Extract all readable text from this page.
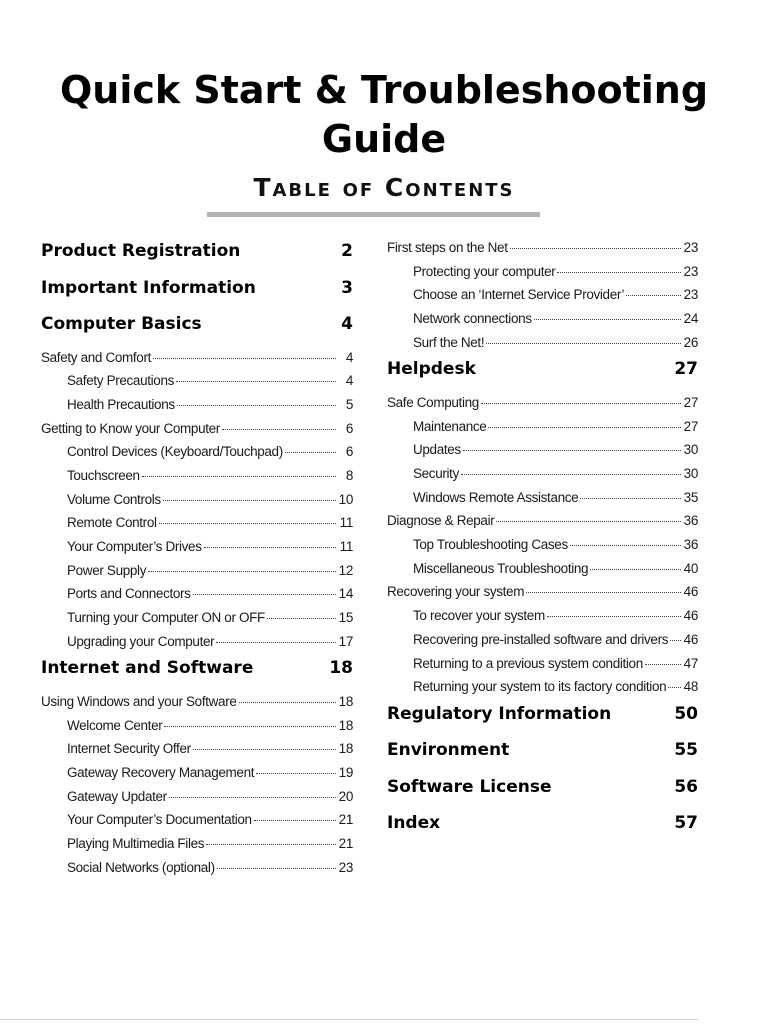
Quick Start & Troubleshooting
Guide
Table of Contents
Product Registration	2
Important Information	3
Computer Basics	4
Safety and Comfort	4
Safety Precautions	4
Health Precautions	5
Getting to Know your Computer	6
Control Devices (Keyboard/Touchpad)	6
Touchscreen	8
Volume Controls	10
Remote Control	11
Your Computer’s Drives	11
Power Supply	12
Ports and Connectors	14
Turning your Computer ON or OFF	15
Upgrading your Computer	17
Internet and Software	18
Using Windows and your Software	18
Welcome Center	18
Internet Security Offer	18
Gateway Recovery Management	19
Gateway Updater	20
Your Computer’s Documentation	21
Playing Multimedia Files	21
Social Networks (optional)	23
First steps on the Net	23
Protecting your computer	23
Choose an ‘Internet Service Provider’	23
Network connections	24
Surf the Net!	26
Helpdesk	27
Safe Computing	27
Maintenance	27
Updates	30
Security	30
Windows Remote Assistance	35
Diagnose & Repair	36
Top Troubleshooting Cases	36
Miscellaneous Troubleshooting	40
Recovering your system	46
To recover your system	46
Recovering pre-installed software and drivers 46
Returning to a previous system condition	47
Returning your system to its factory condition 48
Regulatory Information	50
Environment	55
Software License	56
Index	57
